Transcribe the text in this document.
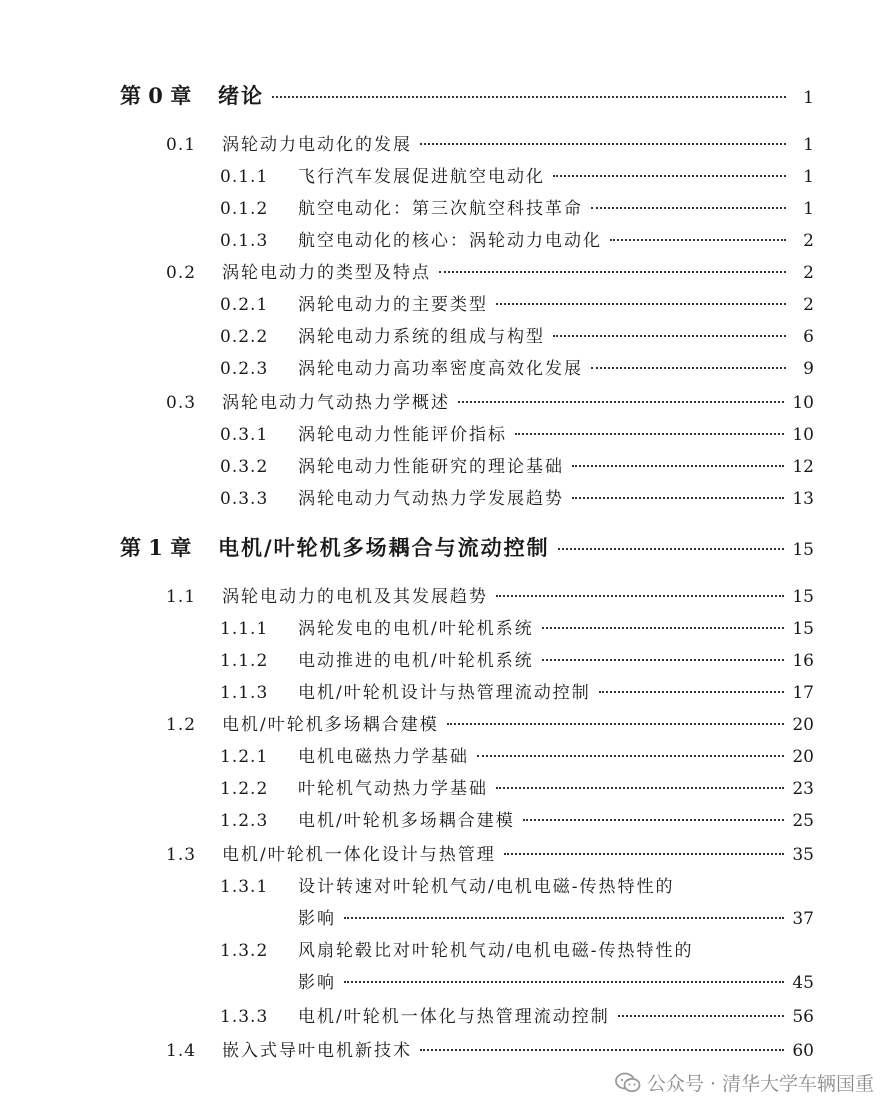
第 0 章	绪论	1
0.1	涡轮动力电动化的发展	1
0.1.1	飞行汽车发展促进航空电动化	1
0.1.2	航空电动化：第三次航空科技革命	1
0.1.3	航空电动化的核心：涡轮动力电动化	2
0.2	涡轮电动力的类型及特点	2
0.2.1	涡轮电动力的主要类型	2
0.2.2	涡轮电动力系统的组成与构型	6
0.2.3	涡轮电动力高功率密度高效化发展	9
0.3	涡轮电动力气动热力学概述	10
0.3.1	涡轮电动力性能评价指标	10
0.3.2	涡轮电动力性能研究的理论基础	12
0.3.3	涡轮电动力气动热力学发展趋势	13
第 1 章	电机/叶轮机多场耦合与流动控制	15
1.1	涡轮电动力的电机及其发展趋势	15
1.1.1	涡轮发电的电机/叶轮机系统	15
1.1.2	电动推进的电机/叶轮机系统	16
1.1.3	电机/叶轮机设计与热管理流动控制	17
1.2	电机/叶轮机多场耦合建模	20
1.2.1	电机电磁热力学基础	20
1.2.2	叶轮机气动热力学基础	23
1.2.3	电机/叶轮机多场耦合建模	25
1.3	电机/叶轮机一体化设计与热管理	35
1.3.1	设计转速对叶轮机气动/电机电磁-传热特性的
影响	37
1.3.2	风扇轮毂比对叶轮机气动/电机电磁-传热特性的
影响	45
1.3.3	电机/叶轮机一体化与热管理流动控制	56
1.4	嵌入式导叶电机新技术	60
公众号 · 清华大学车辆国重
